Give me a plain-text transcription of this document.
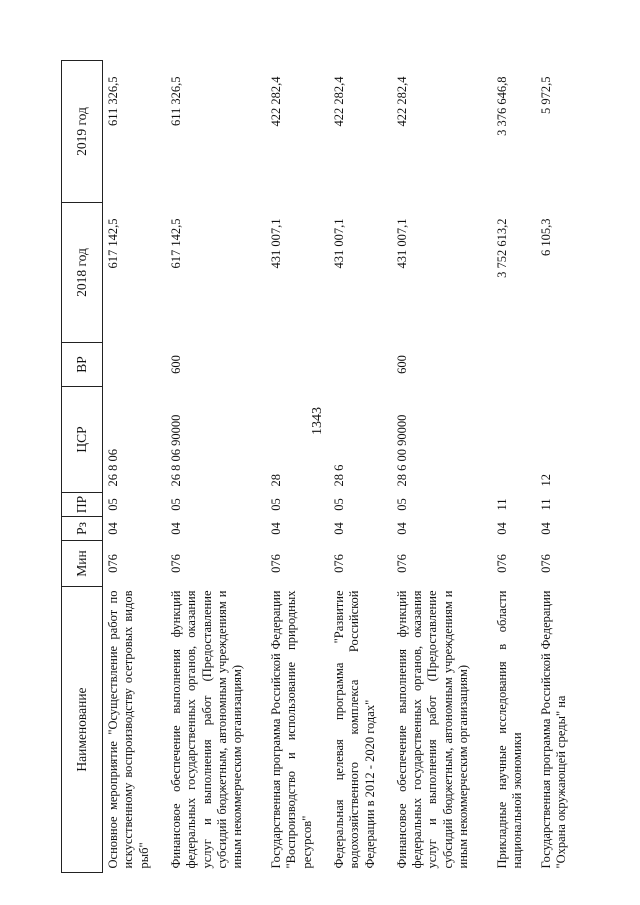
1343
Наименование	Мин	Рз	ПР	ЦСР	ВР	2018 год	2019 год
Основное мероприятие "Осуществление работ по искусственному воспроизводству осетровых видов рыб"	076	04	05	26 8 06		617 142,5	611 326,5
Финансовое обеспечение выполнения функций федеральных государственных органов, оказания услуг и выполнения работ (Предоставление субсидий бюджетным, автономным учреждениям и иным некоммерческим организациям)	076	04	05	26 8 06 90000	600	617 142,5	611 326,5
Государственная программа Российской Федерации "Воспроизводство и использование природных ресурсов"	076	04	05	28		431 007,1	422 282,4
Федеральная целевая программа "Развитие водохозяйственного комплекса Российской Федерации в 2012 - 2020 годах"	076	04	05	28 6		431 007,1	422 282,4
Финансовое обеспечение выполнения функций федеральных государственных органов, оказания услуг и выполнения работ (Предоставление субсидий бюджетным, автономным учреждениям и иным некоммерческим организациям)	076	04	05	28 6 00 90000	600	431 007,1	422 282,4
Прикладные научные исследования в области национальной экономики	076	04	11			3 752 613,2	3 376 646,8
Государственная программа Российской Федерации "Охрана окружающей среды" на	076	04	11	12		6 105,3	5 972,5
